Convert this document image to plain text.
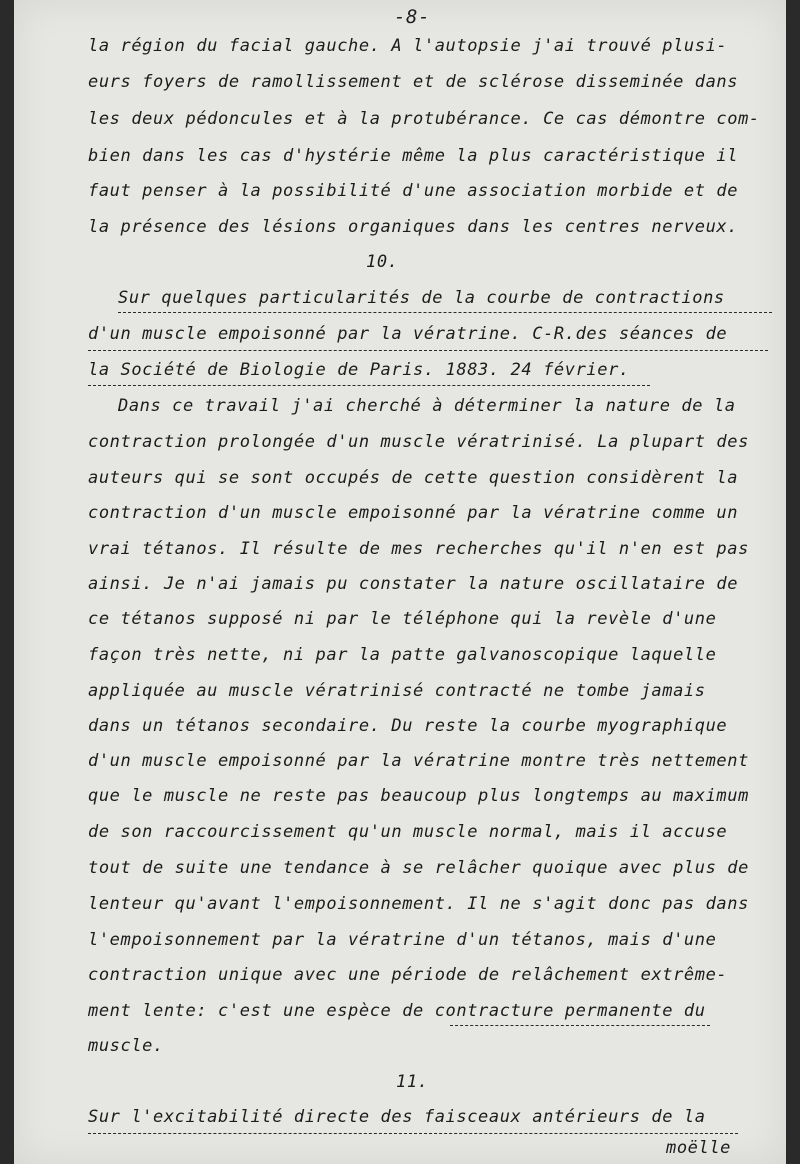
-8-
la région du facial gauche. A l'autopsie j'ai trouvé plusi-
eurs foyers de ramollissement et de sclérose disseminée dans
les deux pédoncules et à la protubérance. Ce cas démontre com-
bien dans les cas d'hystérie même la plus caractéristique il
faut penser à la possibilité d'une association morbide et de
la présence des lésions organiques dans les centres nerveux.
10.
Sur quelques particularités de la courbe de contractions
d'un muscle empoisonné par la vératrine. C-R.des séances de
la Société de Biologie de Paris. 1883. 24 février.
Dans ce travail j'ai cherché à déterminer la nature de la
contraction prolongée d'un muscle vératrinisé. La plupart des
auteurs qui se sont occupés de cette question considèrent la
contraction d'un muscle empoisonné par la vératrine comme un
vrai tétanos. Il résulte de mes recherches qu'il n'en est pas
ainsi. Je n'ai jamais pu constater la nature oscillataire de
ce tétanos supposé ni par le téléphone qui la revèle d'une
façon très nette, ni par la patte galvanoscopique laquelle
appliquée au muscle vératrinisé contracté ne tombe jamais
dans un tétanos secondaire. Du reste la courbe myographique
d'un muscle empoisonné par la vératrine montre très nettement
que le muscle ne reste pas beaucoup plus longtemps au maximum
de son raccourcissement qu'un muscle normal, mais il accuse
tout de suite une tendance à se relâcher quoique avec plus de
lenteur qu'avant l'empoisonnement. Il ne s'agit donc pas dans
l'empoisonnement par la vératrine d'un tétanos, mais d'une
contraction unique avec une période de relâchement extrême-
ment lente: c'est une espèce de contracture permanente du
muscle.
11.
Sur l'excitabilité directe des faisceaux antérieurs de la
moëlle
